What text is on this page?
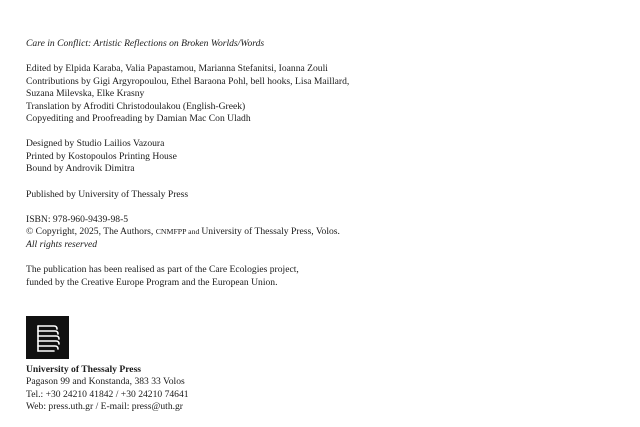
Care in Conflict: Artistic Reflections on Broken Worlds/Words
Edited by Elpida Karaba, Valia Papastamou, Marianna Stefanitsi, Ioanna Zouli
Contributions by Gigi Argyropoulou, Ethel Baraona Pohl, bell hooks, Lisa Maillard,
Suzana Milevska, Elke Krasny
Translation by Afroditi Christodoulakou (English-Greek)
Copyediting and Proofreading by Damian Mac Con Uladh
Designed by Studio Lailios Vazoura
Printed by Kostopoulos Printing House
Bound by Androvik Dimitra
Published by University of Thessaly Press
ISBN: 978-960-9439-98-5
© Copyright, 2025, The Authors, CNMFPP and University of Thessaly Press, Volos.
All rights reserved
The publication has been realised as part of the Care Ecologies project,
funded by the Creative Europe Program and the European Union.
University of Thessaly Press
Pagason 99 and Konstanda, 383 33 Volos
Tel.: +30 24210 41842 / +30 24210 74641
Web: press.uth.gr / E-mail: press@uth.gr
